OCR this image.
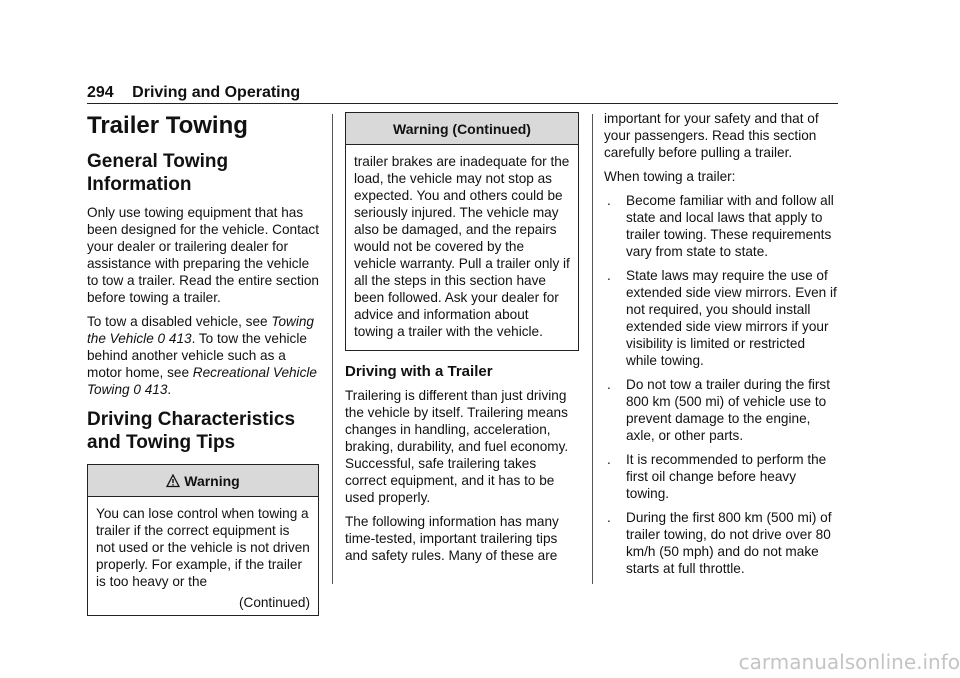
294 Driving and Operating
Trailer Towing
General Towing Information

Only use towing equipment that has been designed for the vehicle. Contact your dealer or trailering dealer for assistance with preparing the vehicle to tow a trailer. Read the entire section before towing a trailer.

To tow a disabled vehicle, see Towing the Vehicle 0 413. To tow the vehicle behind another vehicle such as a motor home, see Recreational Vehicle Towing 0 413.

Driving Characteristics and Towing Tips
Warning
You can lose control when towing a trailer if the correct equipment is not used or the vehicle is not driven properly. For example, if the trailer is too heavy or the
(Continued)
Warning (Continued)
trailer brakes are inadequate for the load, the vehicle may not stop as expected. You and others could be seriously injured. The vehicle may also be damaged, and the repairs would not be covered by the vehicle warranty. Pull a trailer only if all the steps in this section have been followed. Ask your dealer for advice and information about towing a trailer with the vehicle.
Driving with a Trailer

Trailering is different than just driving the vehicle by itself. Trailering means changes in handling, acceleration, braking, durability, and fuel economy. Successful, safe trailering takes correct equipment, and it has to be used properly.

The following information has many time-tested, important trailering tips and safety rules. Many of these are

important for your safety and that of your passengers. Read this section carefully before pulling a trailer.

When towing a trailer:

. Become familiar with and follow all state and local laws that apply to trailer towing. These requirements vary from state to state.
. State laws may require the use of extended side view mirrors. Even if not required, you should install extended side view mirrors if your visibility is limited or restricted while towing.
. Do not tow a trailer during the first 800 km (500 mi) of vehicle use to prevent damage to the engine, axle, or other parts.
. It is recommended to perform the first oil change before heavy towing.
. During the first 800 km (500 mi) of trailer towing, do not drive over 80 km/h (50 mph) and do not make starts at full throttle.
carmanualsonline.info
